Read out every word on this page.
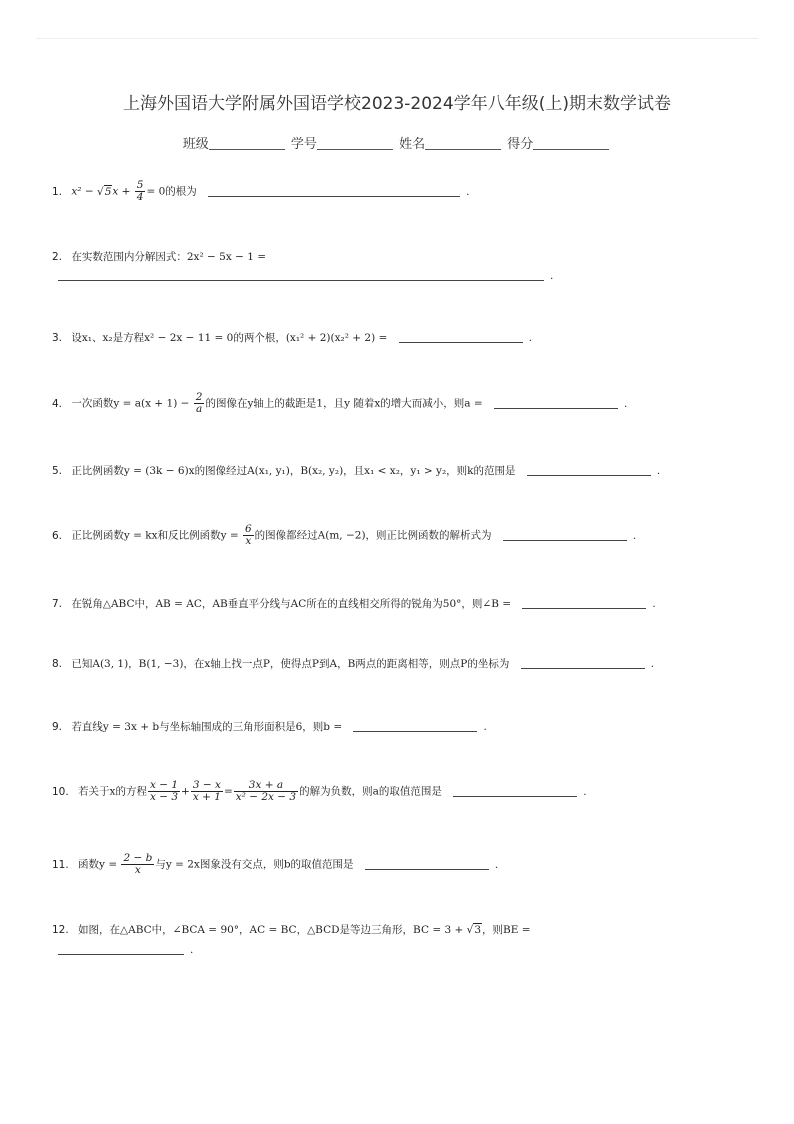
上海外国语大学附属外国语学校2023-2024学年八年级(上)期末数学试卷
班级	学号	姓名	得分
1. $x^2 - √5x + \frac{5}{4} = 0$的根为	.
2. 在实数范围内分解因式：2x² − 5x − 1 =
.
3. 设x₁、x₂是方程x² − 2x − 11 = 0的两个根，(x₁² + 2)(x₂² + 2) =	.
4. 一次函数$y = a(x + 1) - \frac{2}{a}$ 的图像在y轴上的截距是1，且y 随着x的增大而减小，则a =	.
5. 正比例函数y = (3k − 6)x的图像经过A(x₁, y₁)，B(x₂, y₂)，且x₁ < x₂，y₁ > y₂，则k的范围是	.
6. 正比例函数y = kx和反比例函数$y = \frac{6}{x}$ 的图像都经过A(m, −2)，则正比例函数的解析式为	.
7. 在锐角△ABC中，AB = AC，AB垂直平分线与AC所在的直线相交所得的锐角为50°，则∠B =	.
8. 已知A(3, 1)，B(1, −3)，在x轴上找一点P，使得点P到A，B两点的距离相等，则点P的坐标为	.
9. 若直线y = 3x + b与坐标轴围成的三角形面积是6，则b =	.
10. 若关于x的方程 $\frac{x - 1}{x - 3} + \frac{3 - x}{x + 1} = \frac{3x + a}{\text{x² − 2x − 3}}$ 的解为负数，则a的取值范围是	.
11. 函数$y = \frac{2 - b}{x}$ 与y = 2x图象没有交点，则b的取值范围是	.
12. 如图，在△ABC中，∠BCA = 90°，AC = BC，△BCD是等边三角形，BC = 3 + √3，则BE =
.
